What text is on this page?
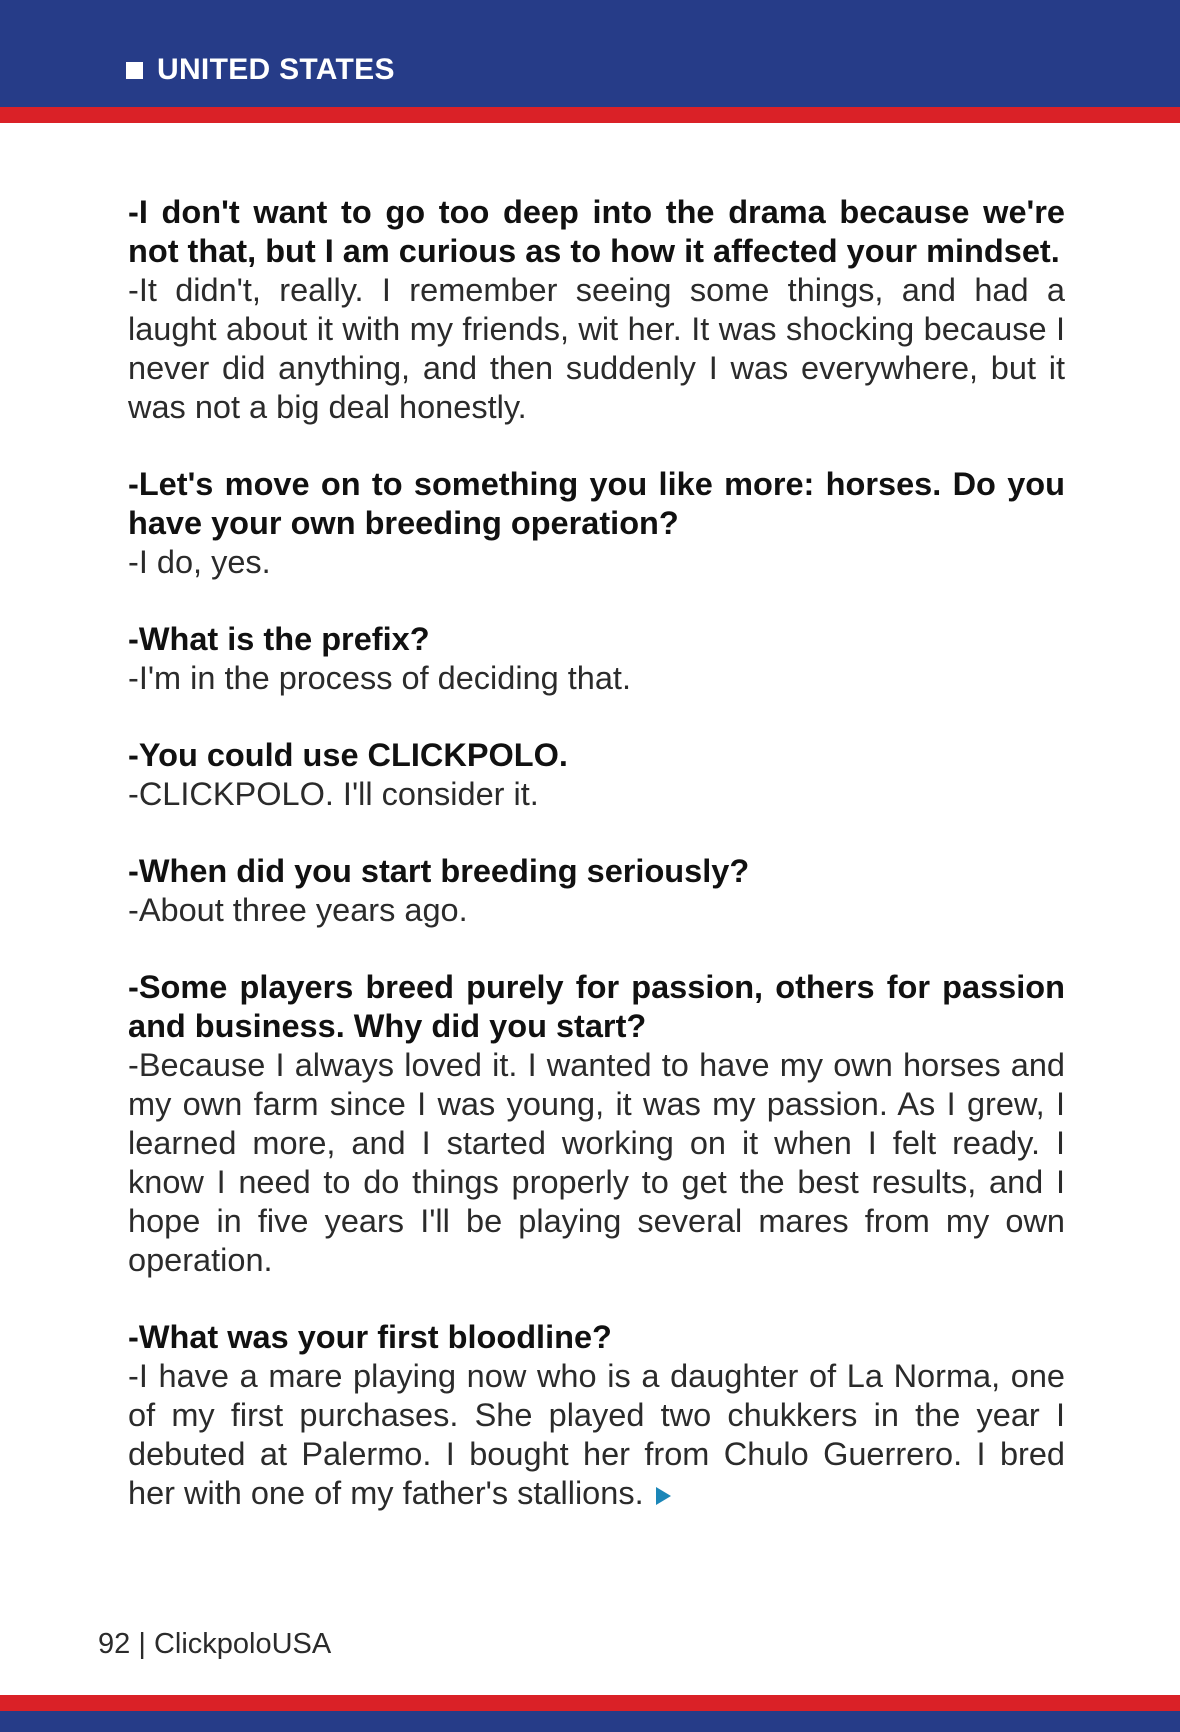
UNITED STATES

-I don't want to go too deep into the drama because we're not that, but I am curious as to how it affected your mindset.

-It didn't, really. I remember seeing some things, and had a laught about it with my friends, wit her. It was shocking because I never did anything, and then suddenly I was everywhere, but it was not a big deal honestly.

-Let's move on to something you like more: horses. Do you have your own breeding operation?

-I do, yes.

-What is the prefix?

-I'm in the process of deciding that.

-You could use CLICKPOLO.

-CLICKPOLO. I'll consider it.

-When did you start breeding seriously?

-About three years ago.

-Some players breed purely for passion, others for passion and business. Why did you start?

-Because I always loved it. I wanted to have my own horses and my own farm since I was young, it was my passion. As I grew, I learned more, and I started working on it when I felt ready. I know I need to do things properly to get the best results, and I hope in five years I'll be playing several mares from my own operation.

-What was your first bloodline?

-I have a mare playing now who is a daughter of La Norma, one of my first purchases. She played two chukkers in the year I debuted at Palermo. I bought her from Chulo Guerrero. I bred her with one of my father's stallions.

92 | ClickpoloUSA
